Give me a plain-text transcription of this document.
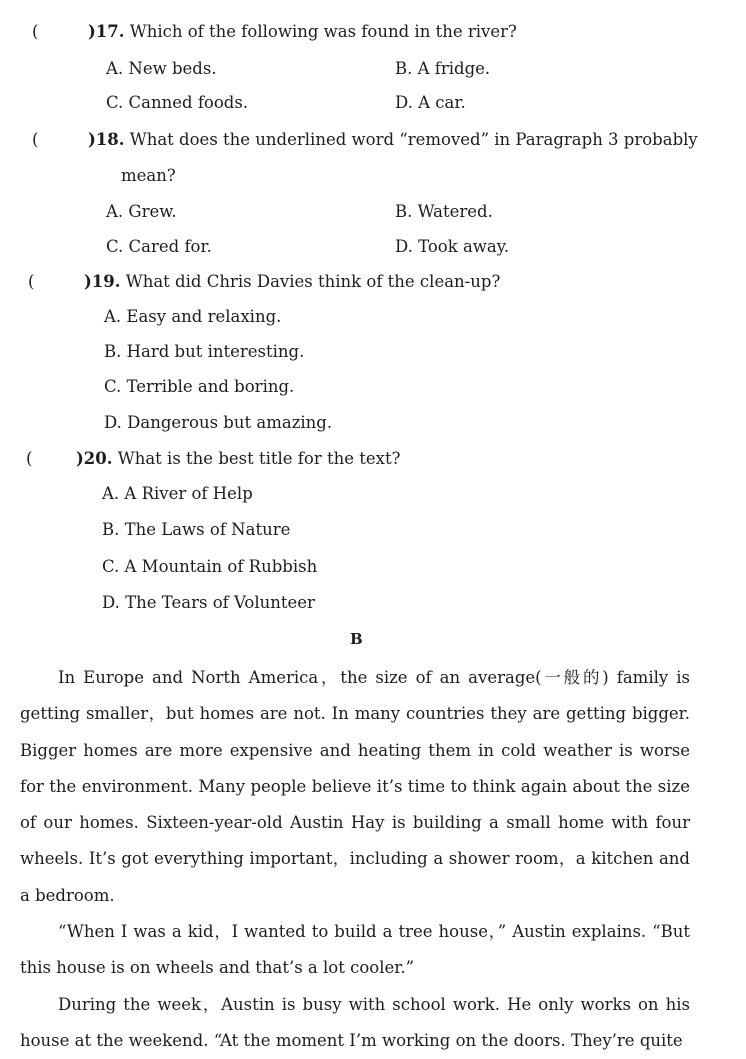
(	)17. Which of the following was found in the river?
A. New beds.	B. A fridge.
C. Canned foods.	D. A car.
(	)18. What does the underlined word “removed” in Paragraph 3 probably
mean?
A. Grew.	B. Watered.
C. Cared for.	D. Took away.
(	)19. What did Chris Davies think of the clean-up?
A. Easy and relaxing.
B. Hard but interesting.
C. Terrible and boring.
D. Dangerous but amazing.
(	)20. What is the best title for the text?
A. A River of Help
B. The Laws of Nature
C. A Mountain of Rubbish
D. The Tears of Volunteer
B

In Europe and North America，the size of an average(一般的) family is getting smaller，but homes are not. In many countries they are getting bigger. Bigger homes are more expensive and heating them in cold weather is worse for the environment. Many people believe it’s time to think again about the size of our homes. Sixteen-year-old Austin Hay is building a small home with four wheels. It’s got everything important，including a shower room，a kitchen and a bedroom.

“When I was a kid，I wanted to build a tree house，” Austin explains. “But this house is on wheels and that’s a lot cooler.”

During the week，Austin is busy with school work. He only works on his house at the weekend. “At the moment I’m working on the doors. They’re quite
